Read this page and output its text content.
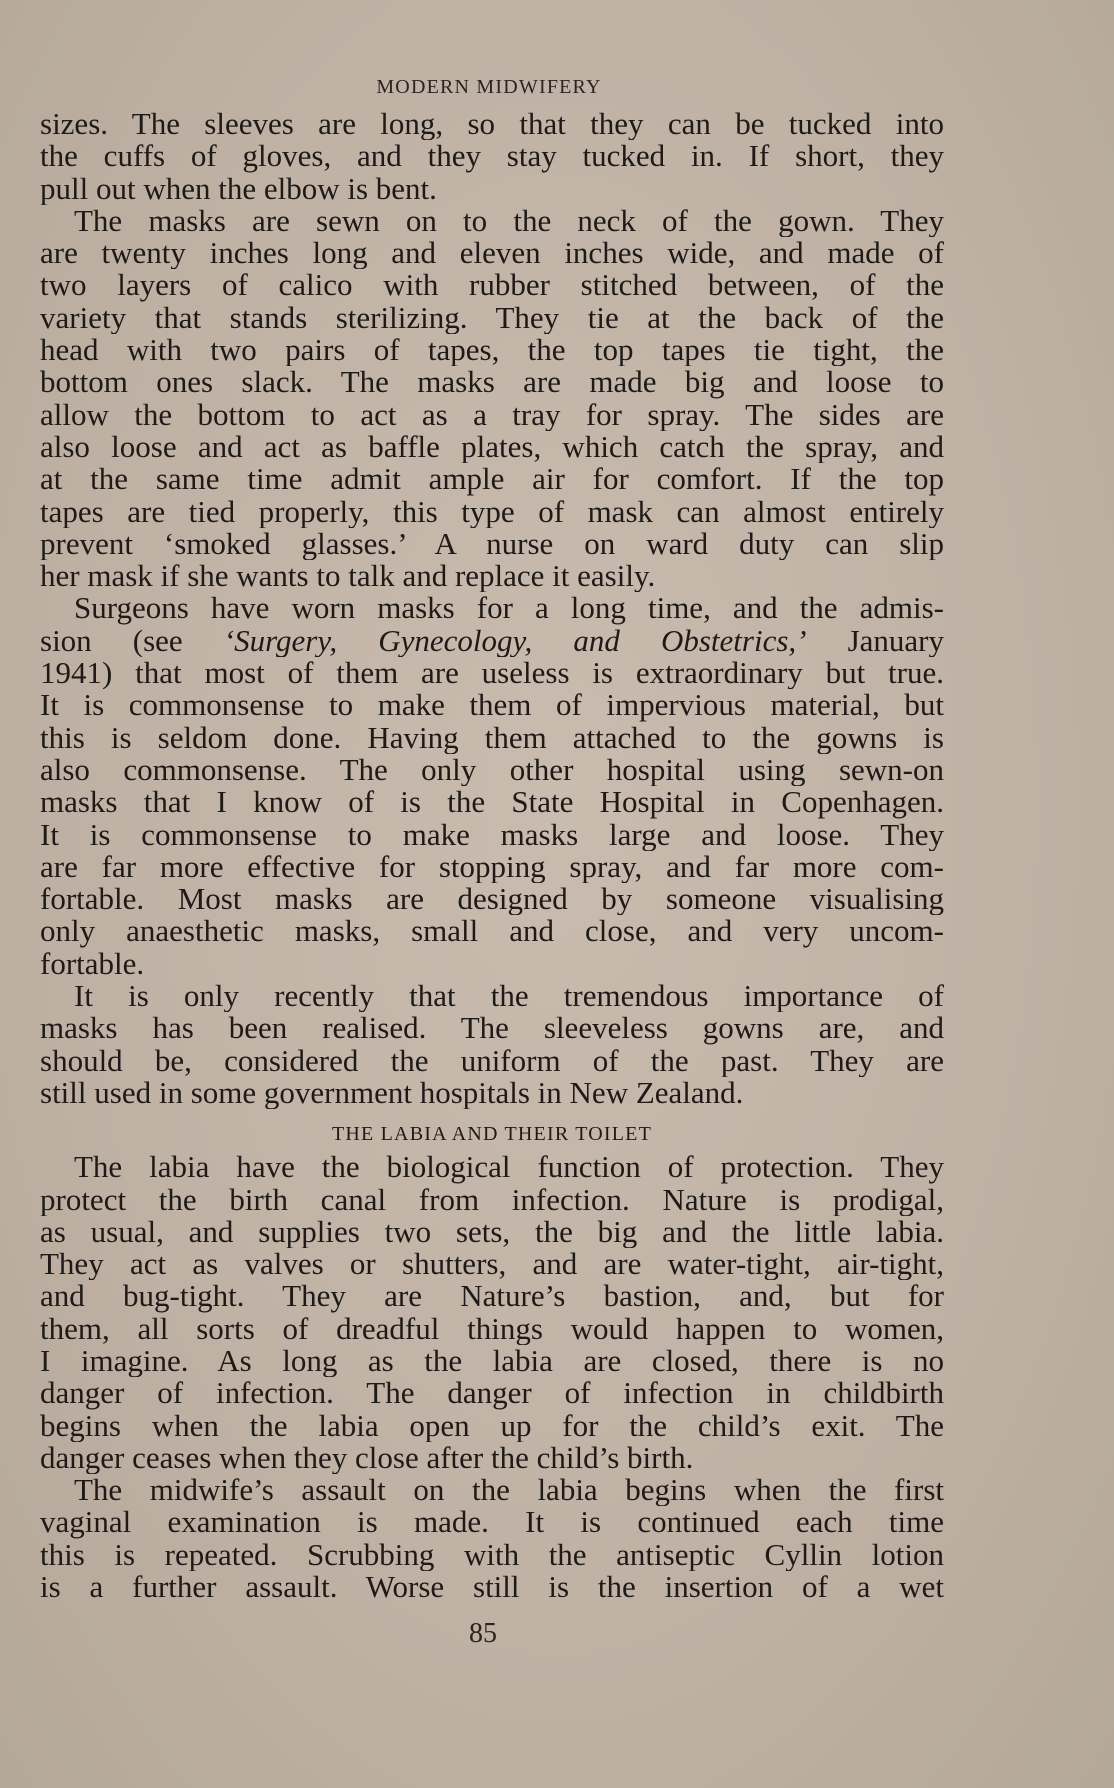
MODERN MIDWIFERY
sizes. The sleeves are long, so that they can be tucked into
the cuffs of gloves, and they stay tucked in. If short, they
pull out when the elbow is bent.
The masks are sewn on to the neck of the gown. They
are twenty inches long and eleven inches wide, and made of
two layers of calico with rubber stitched between, of the
variety that stands sterilizing. They tie at the back of the
head with two pairs of tapes, the top tapes tie tight, the
bottom ones slack. The masks are made big and loose to
allow the bottom to act as a tray for spray. The sides are
also loose and act as baffle plates, which catch the spray, and
at the same time admit ample air for comfort. If the top
tapes are tied properly, this type of mask can almost entirely
prevent ‘smoked glasses.’ A nurse on ward duty can slip
her mask if she wants to talk and replace it easily.
Surgeons have worn masks for a long time, and the admis-
sion (see ‘Surgery, Gynecology, and Obstetrics,’ January
1941) that most of them are useless is extraordinary but true.
It is commonsense to make them of impervious material, but
this is seldom done. Having them attached to the gowns is
also commonsense. The only other hospital using sewn-on
masks that I know of is the State Hospital in Copenhagen.
It is commonsense to make masks large and loose. They
are far more effective for stopping spray, and far more com-
fortable. Most masks are designed by someone visualising
only anaesthetic masks, small and close, and very uncom-
fortable.
It is only recently that the tremendous importance of
masks has been realised. The sleeveless gowns are, and
should be, considered the uniform of the past. They are
still used in some government hospitals in New Zealand.
THE LABIA AND THEIR TOILET
The labia have the biological function of protection. They
protect the birth canal from infection. Nature is prodigal,
as usual, and supplies two sets, the big and the little labia.
They act as valves or shutters, and are water-tight, air-tight,
and bug-tight. They are Nature’s bastion, and, but for
them, all sorts of dreadful things would happen to women,
I imagine. As long as the labia are closed, there is no
danger of infection. The danger of infection in childbirth
begins when the labia open up for the child’s exit. The
danger ceases when they close after the child’s birth.
The midwife’s assault on the labia begins when the first
vaginal examination is made. It is continued each time
this is repeated. Scrubbing with the antiseptic Cyllin lotion
is a further assault. Worse still is the insertion of a wet
85
